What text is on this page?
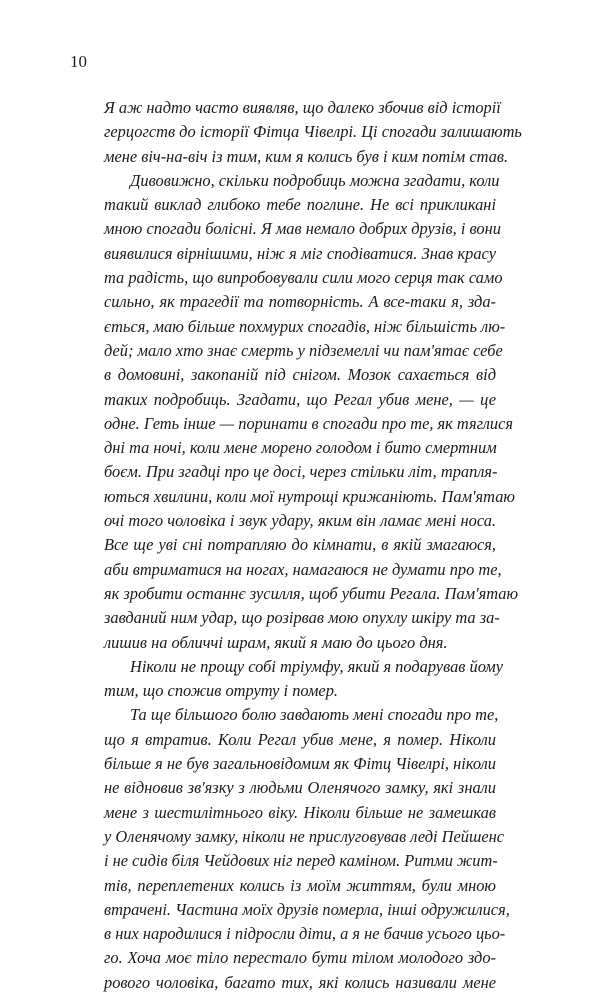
10
Я аж надто часто виявляв, що далеко збочив від історії
герцогств до історії Фітца Чівелрі. Ці спогади залишають
мене віч-на-віч із тим, ким я колись був і ким потім став.
Дивовижно, скільки подробиць можна згадати, коли
такий виклад глибоко тебе поглине. Не всі прикликані
мною спогади болісні. Я мав немало добрих друзів, і вони
виявилися вірнішими, ніж я міг сподіватися. Знав красу
та радість, що випробовували сили мого серця так само
сильно, як трагедії та потворність. А все-таки я, зда-
ється, маю більше похмурих спогадів, ніж більшість лю-
дей; мало хто знає смерть у підземеллі чи пам'ятає себе
в домовині, закопаній під снігом. Мозок сахається від
таких подробиць. Згадати, що Регал убив мене, — це
одне. Геть інше — поринати в спогади про те, як тяглися
дні та ночі, коли мене морено голодом і бито смертним
боєм. При згадці про це досі, через стільки літ, трапля-
ються хвилини, коли мої нутрощі крижаніють. Пам'ятаю
очі того чоловіка і звук удару, яким він ламає мені носа.
Все ще уві сні потрапляю до кімнати, в якій змагаюся,
аби втриматися на ногах, намагаюся не думати про те,
як зробити останнє зусилля, щоб убити Регала. Пам'ятаю
завданий ним удар, що розірвав мою опухлу шкіру та за-
лишив на обличчі шрам, який я маю до цього дня.
Ніколи не прощу собі тріумфу, який я подарував йому
тим, що спожив отруту і помер.
Та ще більшого болю завдають мені спогади про те,
що я втратив. Коли Регал убив мене, я помер. Ніколи
більше я не був загальновідомим як Фітц Чівелрі, ніколи
не відновив зв'язку з людьми Оленячого замку, які знали
мене з шестилітнього віку. Ніколи більше не замешкав
у Оленячому замку, ніколи не прислуговував леді Пейшенс
і не сидів біля Чейдових ніг перед каміном. Ритми жит-
тів, переплетених колись із моїм життям, були мною
втрачені. Частина моїх друзів померла, інші одружилися,
в них народилися і підросли діти, а я не бачив усього цьо-
го. Хоча моє тіло перестало бути тілом молодого здо-
рового чоловіка, багато тих, які колись називали мене
